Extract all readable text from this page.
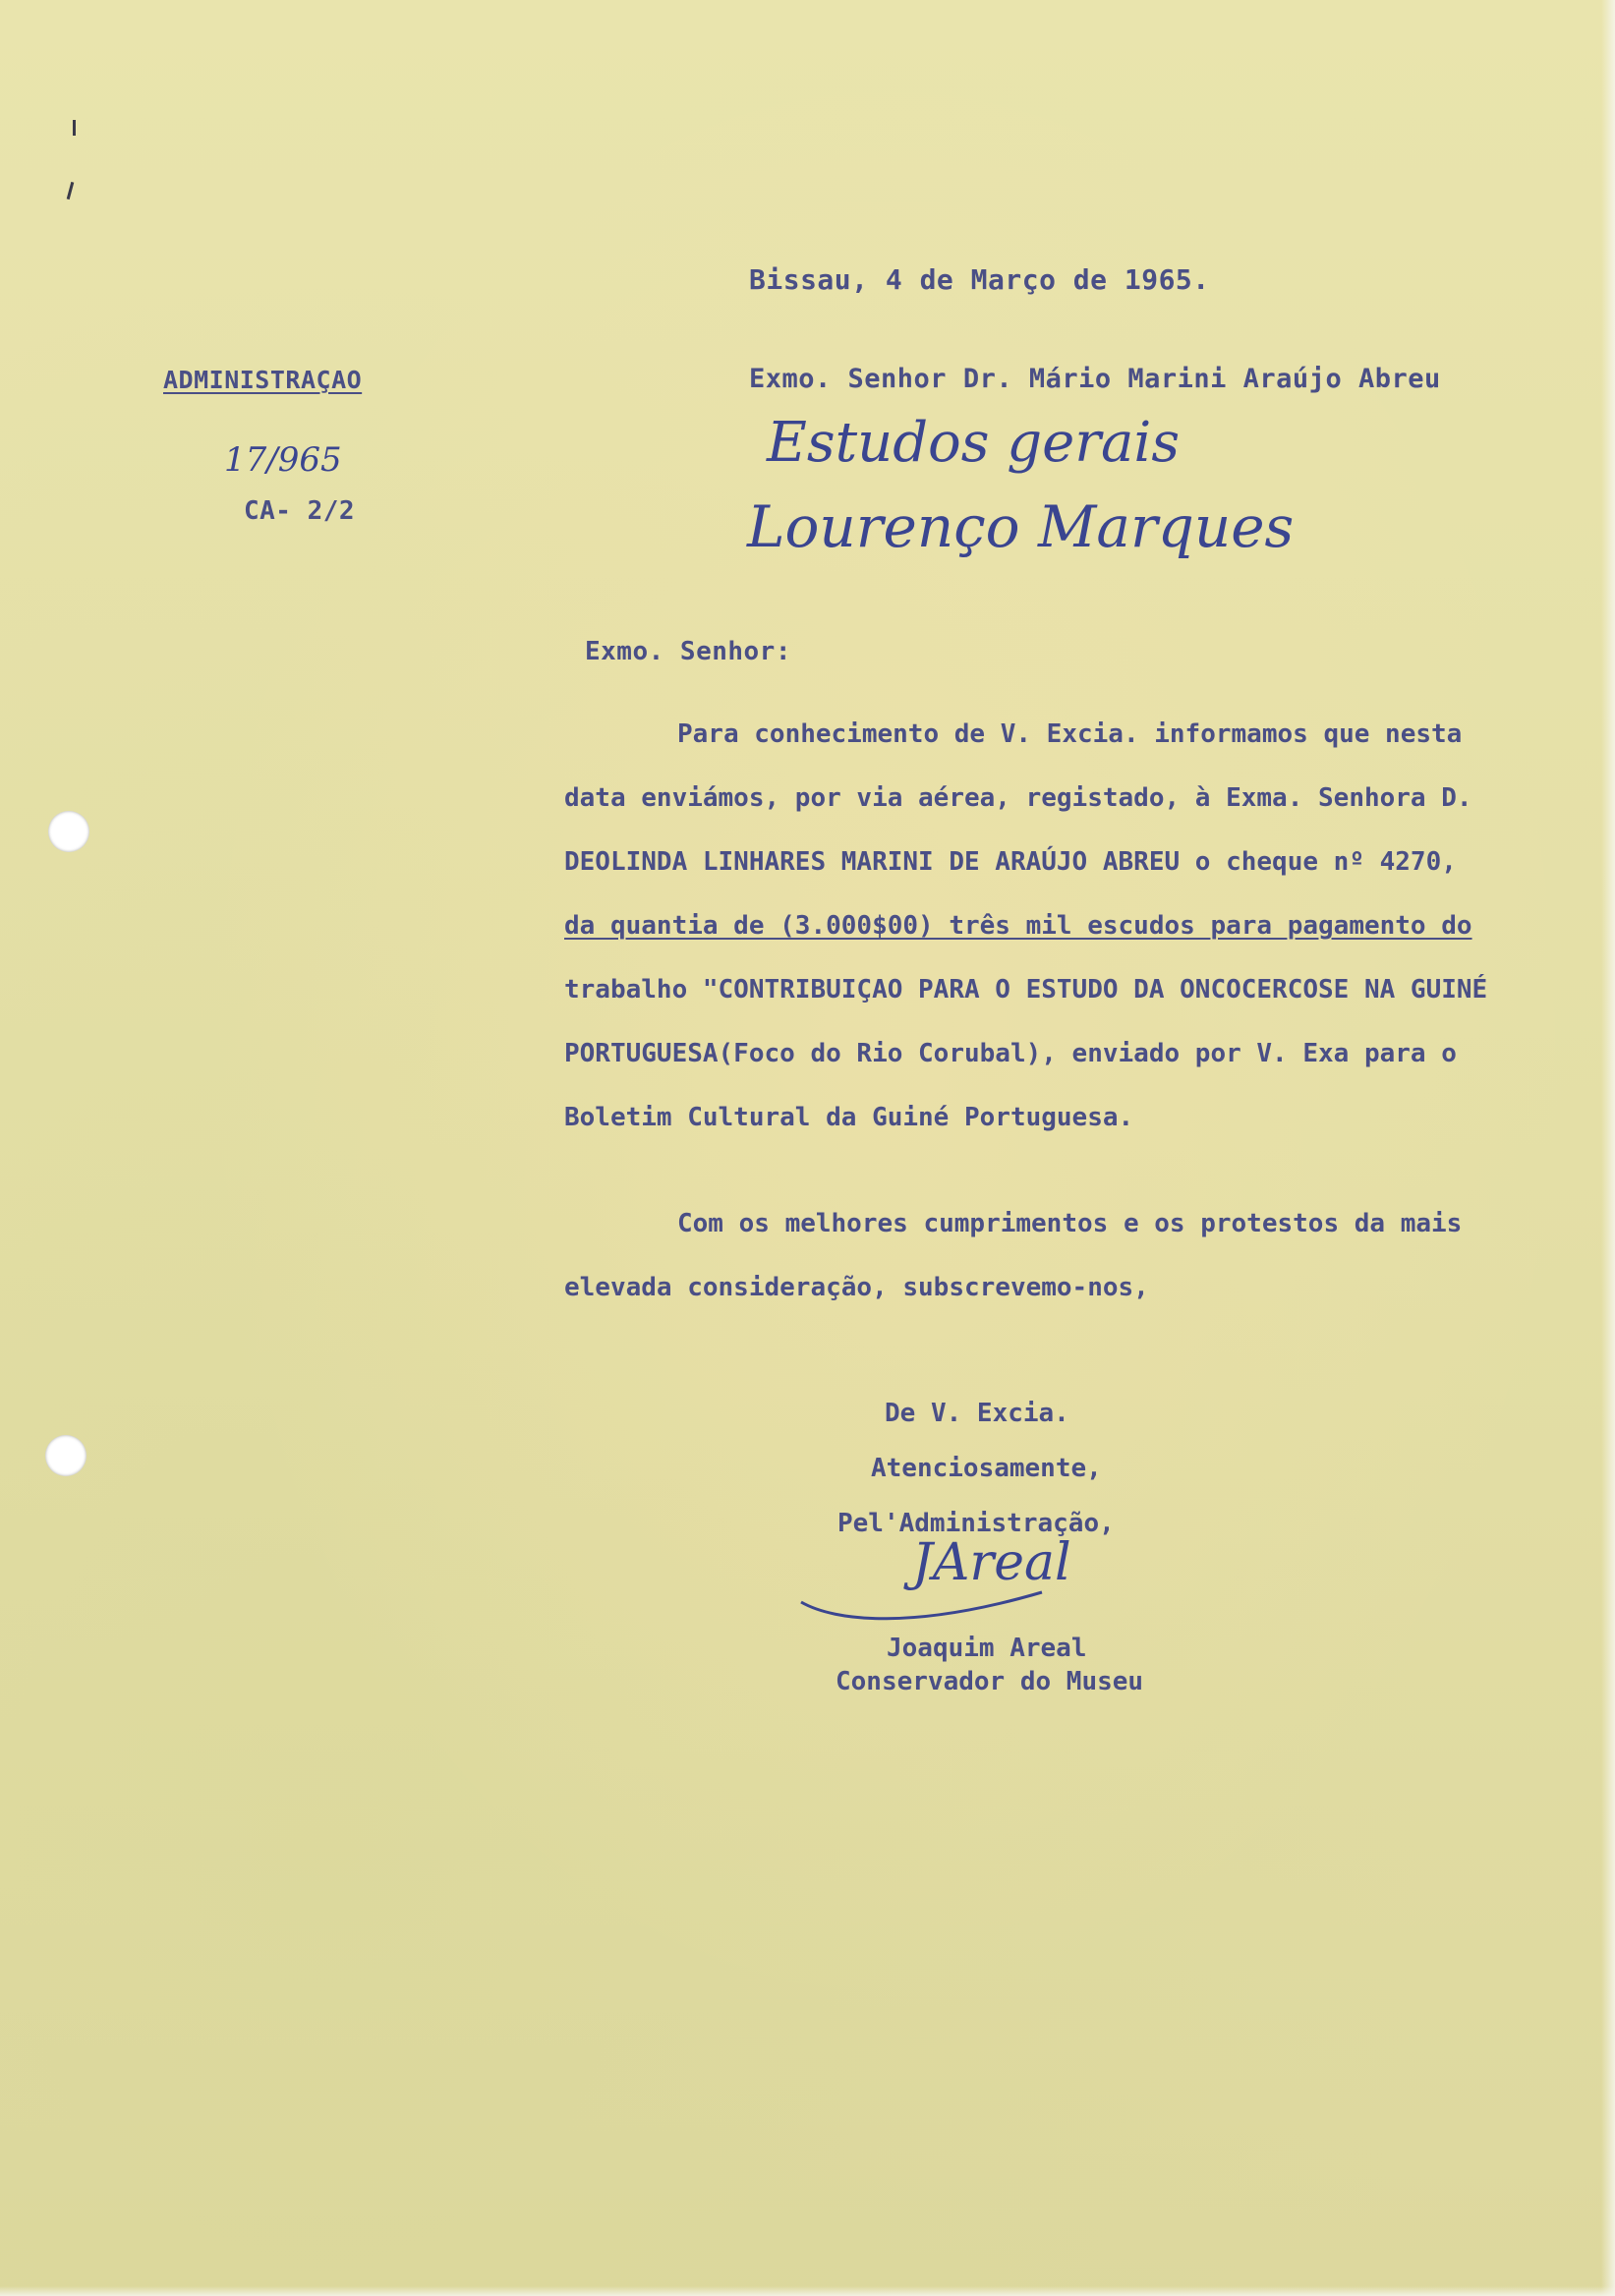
Bissau, 4 de Março de 1965.

ADMINISTRAÇAO

17/965

CA- 2/2

Exmo. Senhor Dr. Mário Marini Araújo Abreu

Estudos gerais

Lourenço Marques

Exmo. Senhor:

Para conhecimento de V. Excia. informamos que nesta
data enviámos, por via aérea, registado, à Exma. Senhora D.
DEOLINDA LINHARES MARINI DE ARAÚJO ABREU o cheque nº 4270,
da quantia de (3.000$00) três mil escudos para pagamento do
trabalho "CONTRIBUIÇAO PARA O ESTUDO DA ONCOCERCOSE NA GUINÉ
PORTUGUESA(Foco do Rio Corubal), enviado por V. Exa para o
Boletim Cultural da Guiné Portuguesa.
Com os melhores cumprimentos e os protestos da mais
elevada consideração, subscrevemo-nos,
De V. Excia.
Atenciosamente,
Pel'Administração,

JAreal

Joaquim Areal
Conservador do Museu
